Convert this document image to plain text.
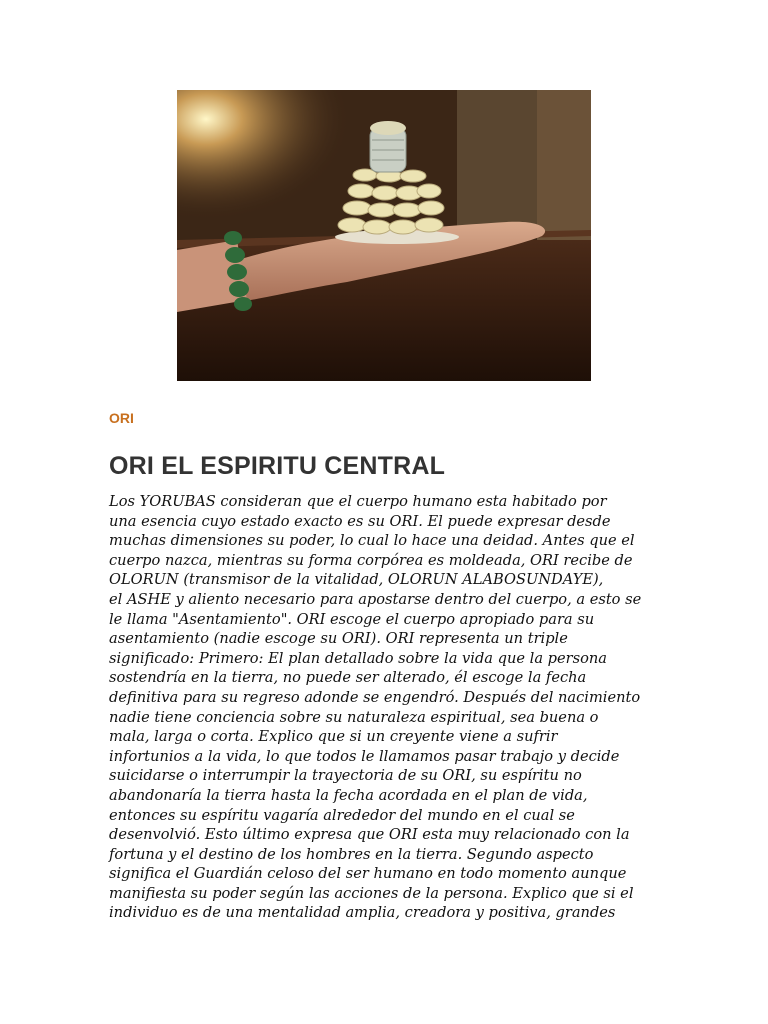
ORI
ORI EL ESPIRITU CENTRAL
Los YORUBAS consideran que el cuerpo humano esta habitado por
una esencia cuyo estado exacto es su ORI. El puede expresar desde
muchas dimensiones su poder, lo cual lo hace una deidad. Antes que el
cuerpo nazca, mientras su forma corpórea es moldeada, ORI recibe de
OLORUN (transmisor de la vitalidad, OLORUN ALABOSUNDAYE),
el ASHE y aliento necesario para apostarse dentro del cuerpo, a esto se
le llama "Asentamiento". ORI escoge el cuerpo apropiado para su
asentamiento (nadie escoge su ORI). ORI representa un triple
significado: Primero: El plan detallado sobre la vida que la persona
sostendría en la tierra, no puede ser alterado, él escoge la fecha
definitiva para su regreso adonde se engendró. Después del nacimiento
nadie tiene conciencia sobre su naturaleza espiritual, sea buena o
mala, larga o corta. Explico que si un creyente viene a sufrir
infortunios a la vida, lo que todos le llamamos pasar trabajo y decide
suicidarse o interrumpir la trayectoria de su ORI, su espíritu no
abandonaría la tierra hasta la fecha acordada en el plan de vida,
entonces su espíritu vagaría alrededor del mundo en el cual se
desenvolvió. Esto último expresa que ORI esta muy relacionado con la
fortuna y el destino de los hombres en la tierra. Segundo aspecto
significa el Guardián celoso del ser humano en todo momento aunque
manifiesta su poder según las acciones de la persona. Explico que si el
individuo es de una mentalidad amplia, creadora y positiva, grandes
